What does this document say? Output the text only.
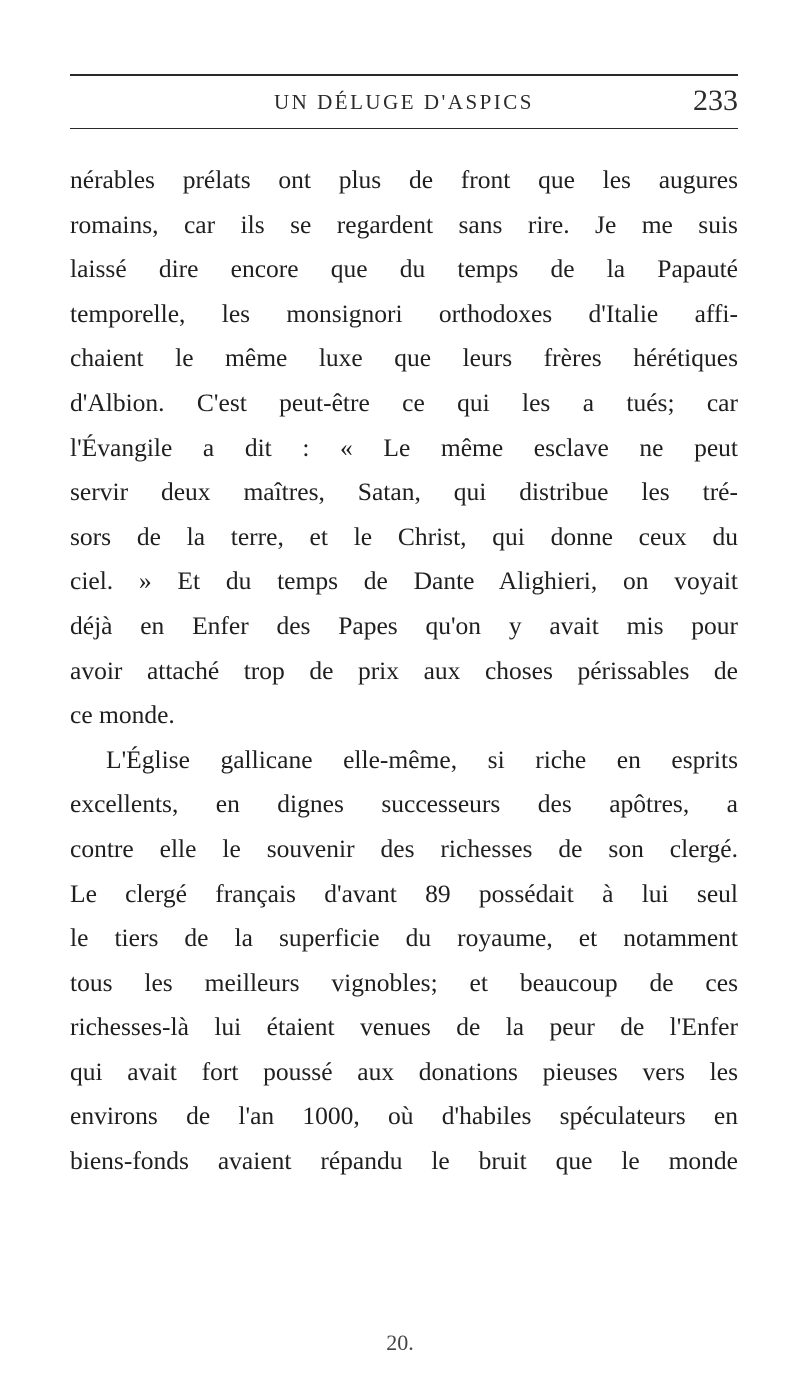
UN DÉLUGE D'ASPICS	233
nérables prélats ont plus de front que les augures
romains, car ils se regardent sans rire. Je me suis
laissé dire encore que du temps de la Papauté
temporelle, les monsignori orthodoxes d'Italie affi-
chaient le même luxe que leurs frères hérétiques
d'Albion. C'est peut-être ce qui les a tués; car
l'Évangile a dit : « Le même esclave ne peut
servir deux maîtres, Satan, qui distribue les tré-
sors de la terre, et le Christ, qui donne ceux du
ciel. » Et du temps de Dante Alighieri, on voyait
déjà en Enfer des Papes qu'on y avait mis pour
avoir attaché trop de prix aux choses périssables de
ce monde.
L'Église gallicane elle-même, si riche en esprits
excellents, en dignes successeurs des apôtres, a
contre elle le souvenir des richesses de son clergé.
Le clergé français d'avant 89 possédait à lui seul
le tiers de la superficie du royaume, et notamment
tous les meilleurs vignobles; et beaucoup de ces
richesses-là lui étaient venues de la peur de l'Enfer
qui avait fort poussé aux donations pieuses vers les
environs de l'an 1000, où d'habiles spéculateurs en
biens-fonds avaient répandu le bruit que le monde
20.
